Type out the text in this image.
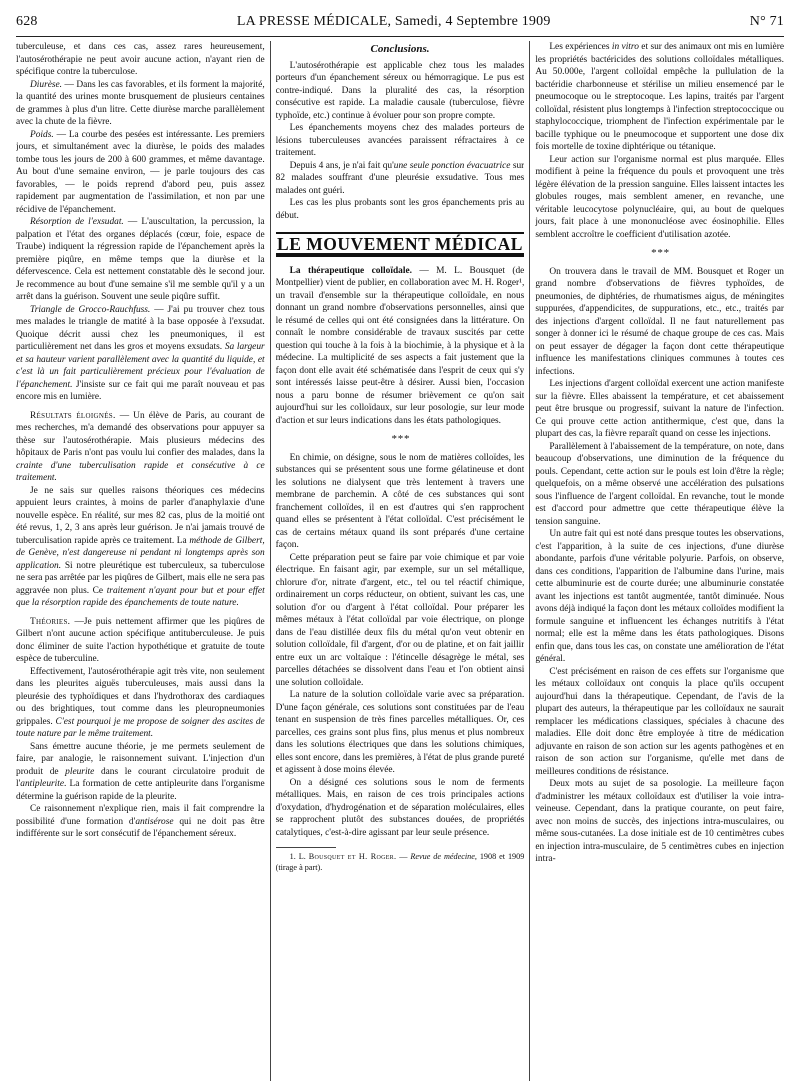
628	LA PRESSE MÉDICALE, Samedi, 4 Septembre 1909	N° 71

tuberculeuse, et dans ces cas, assez rares heureusement, l'autosérothérapie ne peut avoir aucune action, n'ayant rien de spécifique contre la tuberculose.

Diurèse. — Dans les cas favorables, et ils forment la majorité, la quantité des urines monte brusquement de plusieurs centaines de grammes à plus d'un litre. Cette diurèse marche parallèlement avec la chute de la fièvre.

Poids. — La courbe des pesées est intéressante. Les premiers jours, et simultanément avec la diurèse, le poids des malades tombe tous les jours de 200 à 600 grammes, et même davantage. Au bout d'une semaine environ, — je parle toujours des cas favorables, — le poids reprend d'abord peu, puis assez rapidement par augmentation de l'assimilation, et non par une récidive de l'épanchement.

Résorption de l'exsudat. — L'auscultation, la percussion, la palpation et l'état des organes déplacés (cœur, foie, espace de Traube) indiquent la régression rapide de l'épanchement après la première piqûre, en même temps que la diurèse et la défervescence. Cela est nettement constatable dès le second jour. Je recommence au bout d'une semaine s'il me semble qu'il y a un arrêt dans la guérison. Souvent une seule piqûre suffit.

Triangle de Grocco-Rauchfuss. — J'ai pu trouver chez tous mes malades le triangle de matité à la base opposée à l'exsudat. Quoique décrit aussi chez les pneumoniques, il est particulièrement net dans les gros et moyens exsudats. Sa largeur et sa hauteur varient parallèlement avec la quantité du liquide, et c'est là un fait particulièrement précieux pour l'évaluation de l'épanchement. J'insiste sur ce fait qui me paraît nouveau et pas encore mis en lumière.

Résultats éloignés. — Un élève de Paris, au courant de mes recherches, m'a demandé des observations pour appuyer sa thèse sur l'autosérothérapie. Mais plusieurs médecins des hôpitaux de Paris n'ont pas voulu lui confier des malades, dans la crainte d'une tuberculisation rapide et consécutive à ce traitement.

Je ne sais sur quelles raisons théoriques ces médecins appuient leurs craintes, à moins de parler d'anaphylaxie d'une nouvelle espèce. En réalité, sur mes 82 cas, plus de la moitié ont été revus, 1, 2, 3 ans après leur guérison. Je n'ai jamais trouvé de tuberculisation rapide après ce traitement. La méthode de Gilbert, de Genève, n'est dangereuse ni pendant ni longtemps après son application. Si notre pleurétique est tuberculeux, sa tuberculose ne sera pas arrêtée par les piqûres de Gilbert, mais elle ne sera pas aggravée non plus. Ce traitement n'ayant pour but et pour effet que la résorption rapide des épanchements de toute nature.

Théories. —Je puis nettement affirmer que les piqûres de Gilbert n'ont aucune action spécifique antituberculeuse. Je puis donc éliminer de suite l'action hypothétique et gratuite de toute espèce de tuberculine.

Effectivement, l'autosérothérapie agit très vite, non seulement dans les pleurites aiguës tuberculeuses, mais aussi dans la pleurésie des typhoïdiques et dans l'hydrothorax des cardiaques ou des brightiques, tout comme dans les pleuropneumonies grippales. C'est pourquoi je me propose de soigner des ascites de toute nature par le même traitement.

Sans émettre aucune théorie, je me permets seulement de faire, par analogie, le raisonnement suivant. L'injection d'un produit de pleurite dans le courant circulatoire produit de l'antipleurite. La formation de cette antipleurite dans l'organisme détermine la guérison rapide de la pleurite.

Ce raisonnement n'explique rien, mais il fait comprendre la possibilité d'une formation d'antisérose qui ne doit pas être indifférente sur le sort consécutif de l'épanchement séreux.

Conclusions.

L'autosérothérapie est applicable chez tous les malades porteurs d'un épanchement séreux ou hémorragique. Le pus est contre-indiqué. Dans la pluralité des cas, la résorption consécutive est rapide. La maladie causale (tuberculose, fièvre typhoïde, etc.) continue à évoluer pour son propre compte.

Les épanchements moyens chez des malades porteurs de lésions tuberculeuses avancées paraissent réfractaires à ce traitement.

Depuis 4 ans, je n'ai fait qu'une seule ponction évacuatrice sur 82 malades souffrant d'une pleurésie exsudative. Tous mes malades ont guéri.

Les cas les plus probants sont les gros épanchements pris au début.

LE MOUVEMENT MÉDICAL

La thérapeutique colloïdale. — M. L. Bousquet (de Montpellier) vient de publier, en collaboration avec M. H. Roger¹, un travail d'ensemble sur la thérapeutique colloïdale, en nous donnant un grand nombre d'observations personnelles, ainsi que le résumé de celles qui ont été consignées dans la littérature. On connaît le nombre considérable de travaux suscités par cette question qui touche à la fois à la biochimie, à la physique et à la médecine. La multiplicité de ses aspects a fait justement que la façon dont elle avait été schématisée dans l'esprit de ceux qui s'y sont intéressés laisse peut-être à désirer. Aussi bien, l'occasion nous a paru bonne de résumer brièvement ce qu'on sait aujourd'hui sur les colloïdaux, sur leur posologie, sur leur mode d'action et sur leurs indications dans les états pathologiques.

* * *

En chimie, on désigne, sous le nom de matières colloïdes, les substances qui se présentent sous une forme gélatineuse et dont les solutions ne dialysent que très lentement à travers une membrane de parchemin. A côté de ces substances qui sont franchement colloïdes, il en est d'autres qui s'en rapprochent quand elles se présentent à l'état colloïdal. C'est précisément le cas de certains métaux quand ils sont préparés d'une certaine façon.

Cette préparation peut se faire par voie chimique et par voie électrique. En faisant agir, par exemple, sur un sel métallique, chlorure d'or, nitrate d'argent, etc., tel ou tel réactif chimique, ordinairement un corps réducteur, on obtient, suivant les cas, une solution d'or ou d'argent à l'état colloïdal. Pour préparer les mêmes métaux à l'état colloïdal par voie électrique, on plonge dans de l'eau distillée deux fils du métal qu'on veut obtenir en solution colloïdale, fil d'argent, d'or ou de platine, et on fait jaillir entre eux un arc voltaïque : l'étincelle désagrège le métal, ses parcelles détachées se dissolvent dans l'eau et l'on obtient ainsi une solution colloïdale.

La nature de la solution colloïdale varie avec sa préparation. D'une façon générale, ces solutions sont constituées par de l'eau tenant en suspension de très fines parcelles métalliques. Or, ces parcelles, ces grains sont plus fins, plus menus et plus nombreux dans les solutions électriques que dans les solutions chimiques, elles sont encore, dans les premières, à l'état de plus grande pureté et agissent à dose moins élevée.

On a désigné ces solutions sous le nom de ferments métalliques. Mais, en raison de ces trois principales actions d'oxydation, d'hydrogénation et de séparation moléculaires, elles se rapprochent plutôt des substances douées, de propriétés catalytiques, c'est-à-dire agissant par leur seule présence.

1. L. Bousquet et H. Roger. — Revue de médecine, 1908 et 1909 (tirage à part).

Les expériences in vitro et sur des animaux ont mis en lumière les propriétés bactéricides des solutions colloïdales métalliques. Au 50.000e, l'argent colloïdal empêche la pullulation de la bactéridie charbonneuse et stérilise un milieu ensemencé par le pneumocoque ou le streptocoque. Les lapins, traités par l'argent colloïdal, résistent plus longtemps à l'infection streptococcique ou staphylococcique, triomphent de l'infection expérimentale par le bacille typhique ou le pneumocoque et supportent une dose dix fois mortelle de toxine diphtérique ou tétanique.

Leur action sur l'organisme normal est plus marquée. Elles modifient à peine la fréquence du pouls et provoquent une très légère élévation de la pression sanguine. Elles laissent intactes les globules rouges, mais semblent amener, en revanche, une véritable leucocytose polynucléaire, qui, au bout de quelques jours, fait place à une mononucléose avec éosinophilie. Elles semblent accroître le coefficient d'utilisation azotée.

* * *

On trouvera dans le travail de MM. Bousquet et Roger un grand nombre d'observations de fièvres typhoïdes, de pneumonies, de diphtéries, de rhumatismes aigus, de méningites suppurées, d'appendicites, de suppurations, etc., etc., traités par des injections d'argent colloïdal. Il ne faut naturellement pas songer à donner ici le résumé de chaque groupe de ces cas. Mais on peut essayer de dégager la façon dont cette thérapeutique influence les manifestations cliniques communes à toutes ces infections.

Les injections d'argent colloïdal exercent une action manifeste sur la fièvre. Elles abaissent la température, et cet abaissement peut être brusque ou progressif, suivant la nature de l'infection. Ce qui prouve cette action antithermique, c'est que, dans la plupart des cas, la fièvre reparaît quand on cesse les injections.

Parallèlement à l'abaissement de la température, on note, dans beaucoup d'observations, une diminution de la fréquence du pouls. Cependant, cette action sur le pouls est loin d'être la règle; quelquefois, on a même observé une accélération des pulsations sous l'influence de l'argent colloïdal. En revanche, tout le monde est d'accord pour admettre que cette thérapeutique élève la tension sanguine.

Un autre fait qui est noté dans presque toutes les observations, c'est l'apparition, à la suite de ces injections, d'une diurèse abondante, parfois d'une véritable polyurie. Parfois, on observe, dans ces conditions, l'apparition de l'albumine dans l'urine, mais cette albuminurie est de courte durée; une albuminurie constatée avant les injections est tantôt augmentée, tantôt diminuée. Nous avons déjà indiqué la façon dont les métaux colloïdes modifient la formule sanguine et influencent les échanges nutritifs à l'état normal; elle est la même dans les états pathologiques. Disons enfin que, dans tous les cas, on constate une amélioration de l'état général.

C'est précisément en raison de ces effets sur l'organisme que les métaux colloïdaux ont conquis la place qu'ils occupent aujourd'hui dans la thérapeutique. Cependant, de l'avis de la plupart des auteurs, la thérapeutique par les colloïdaux ne saurait remplacer les médications classiques, spéciales à chacune des maladies. Elle doit donc être employée à titre de médication adjuvante en raison de son action sur les agents pathogènes et en raison de son action sur l'organisme, qu'elle met dans de meilleures conditions de résistance.

Deux mots au sujet de sa posologie. La meilleure façon d'administrer les métaux colloïdaux est d'utiliser la voie intra-veineuse. Cependant, dans la pratique courante, on peut faire, avec non moins de succès, des injections intra-musculaires, ou même sous-cutanées. La dose initiale est de 10 centimètres cubes en injection intra-musculaire, de 5 centimètres cubes en injection intra-
